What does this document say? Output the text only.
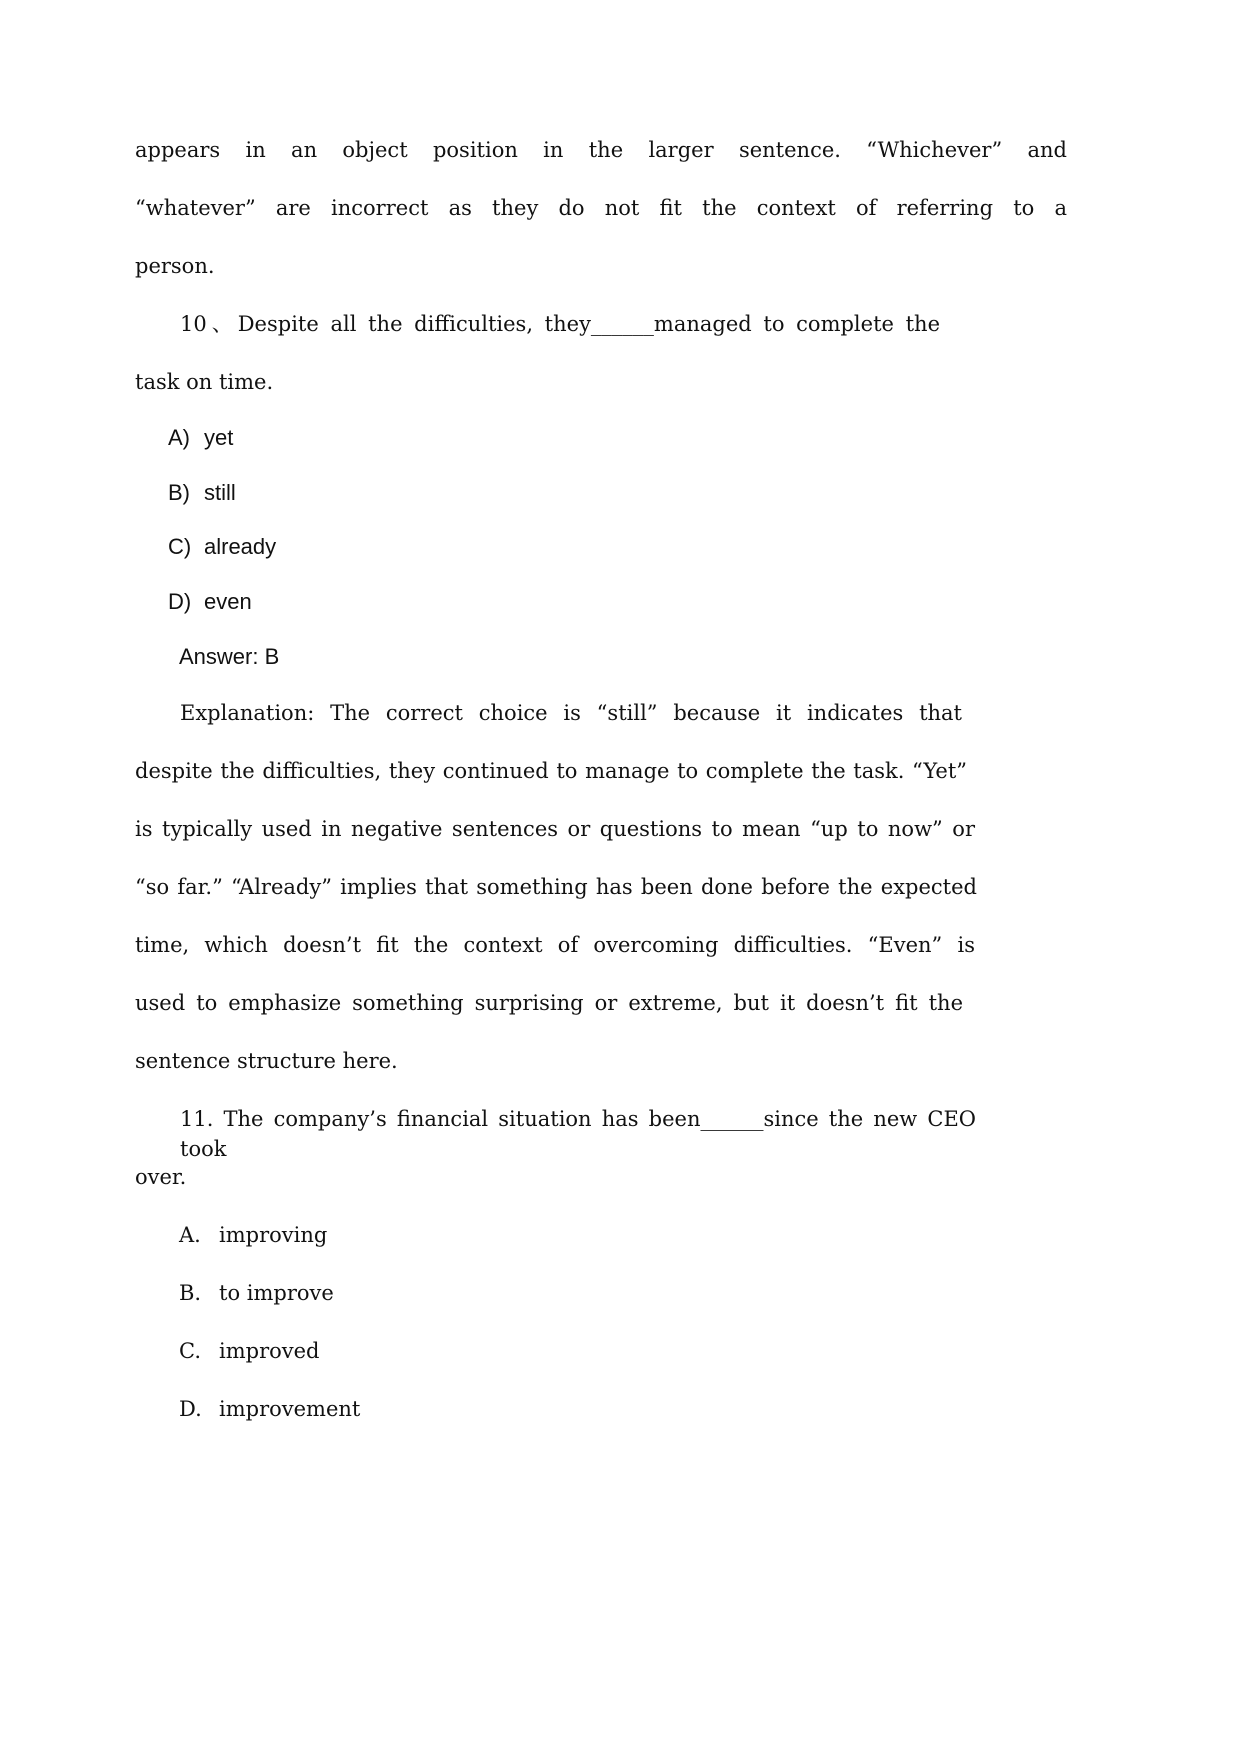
appears in an object position in the larger sentence. “Whichever” and
“whatever” are incorrect as they do not fit the context of referring to a
person.
10、Despite all the difficulties, they______managed to complete the
task on time.
A) yet
B) still
C) already
D) even
Answer: B
Explanation: The correct choice is “still” because it indicates that
despite the difficulties, they continued to manage to complete the task. “Yet”
is typically used in negative sentences or questions to mean “up to now” or
“so far.” “Already” implies that something has been done before the expected
time, which doesn’t fit the context of overcoming difficulties. “Even” is
used to emphasize something surprising or extreme, but it doesn’t fit the
sentence structure here.
11. The company’s financial situation has been______since the new CEO took
over.
A. improving
B. to improve
C. improved
D. improvement
